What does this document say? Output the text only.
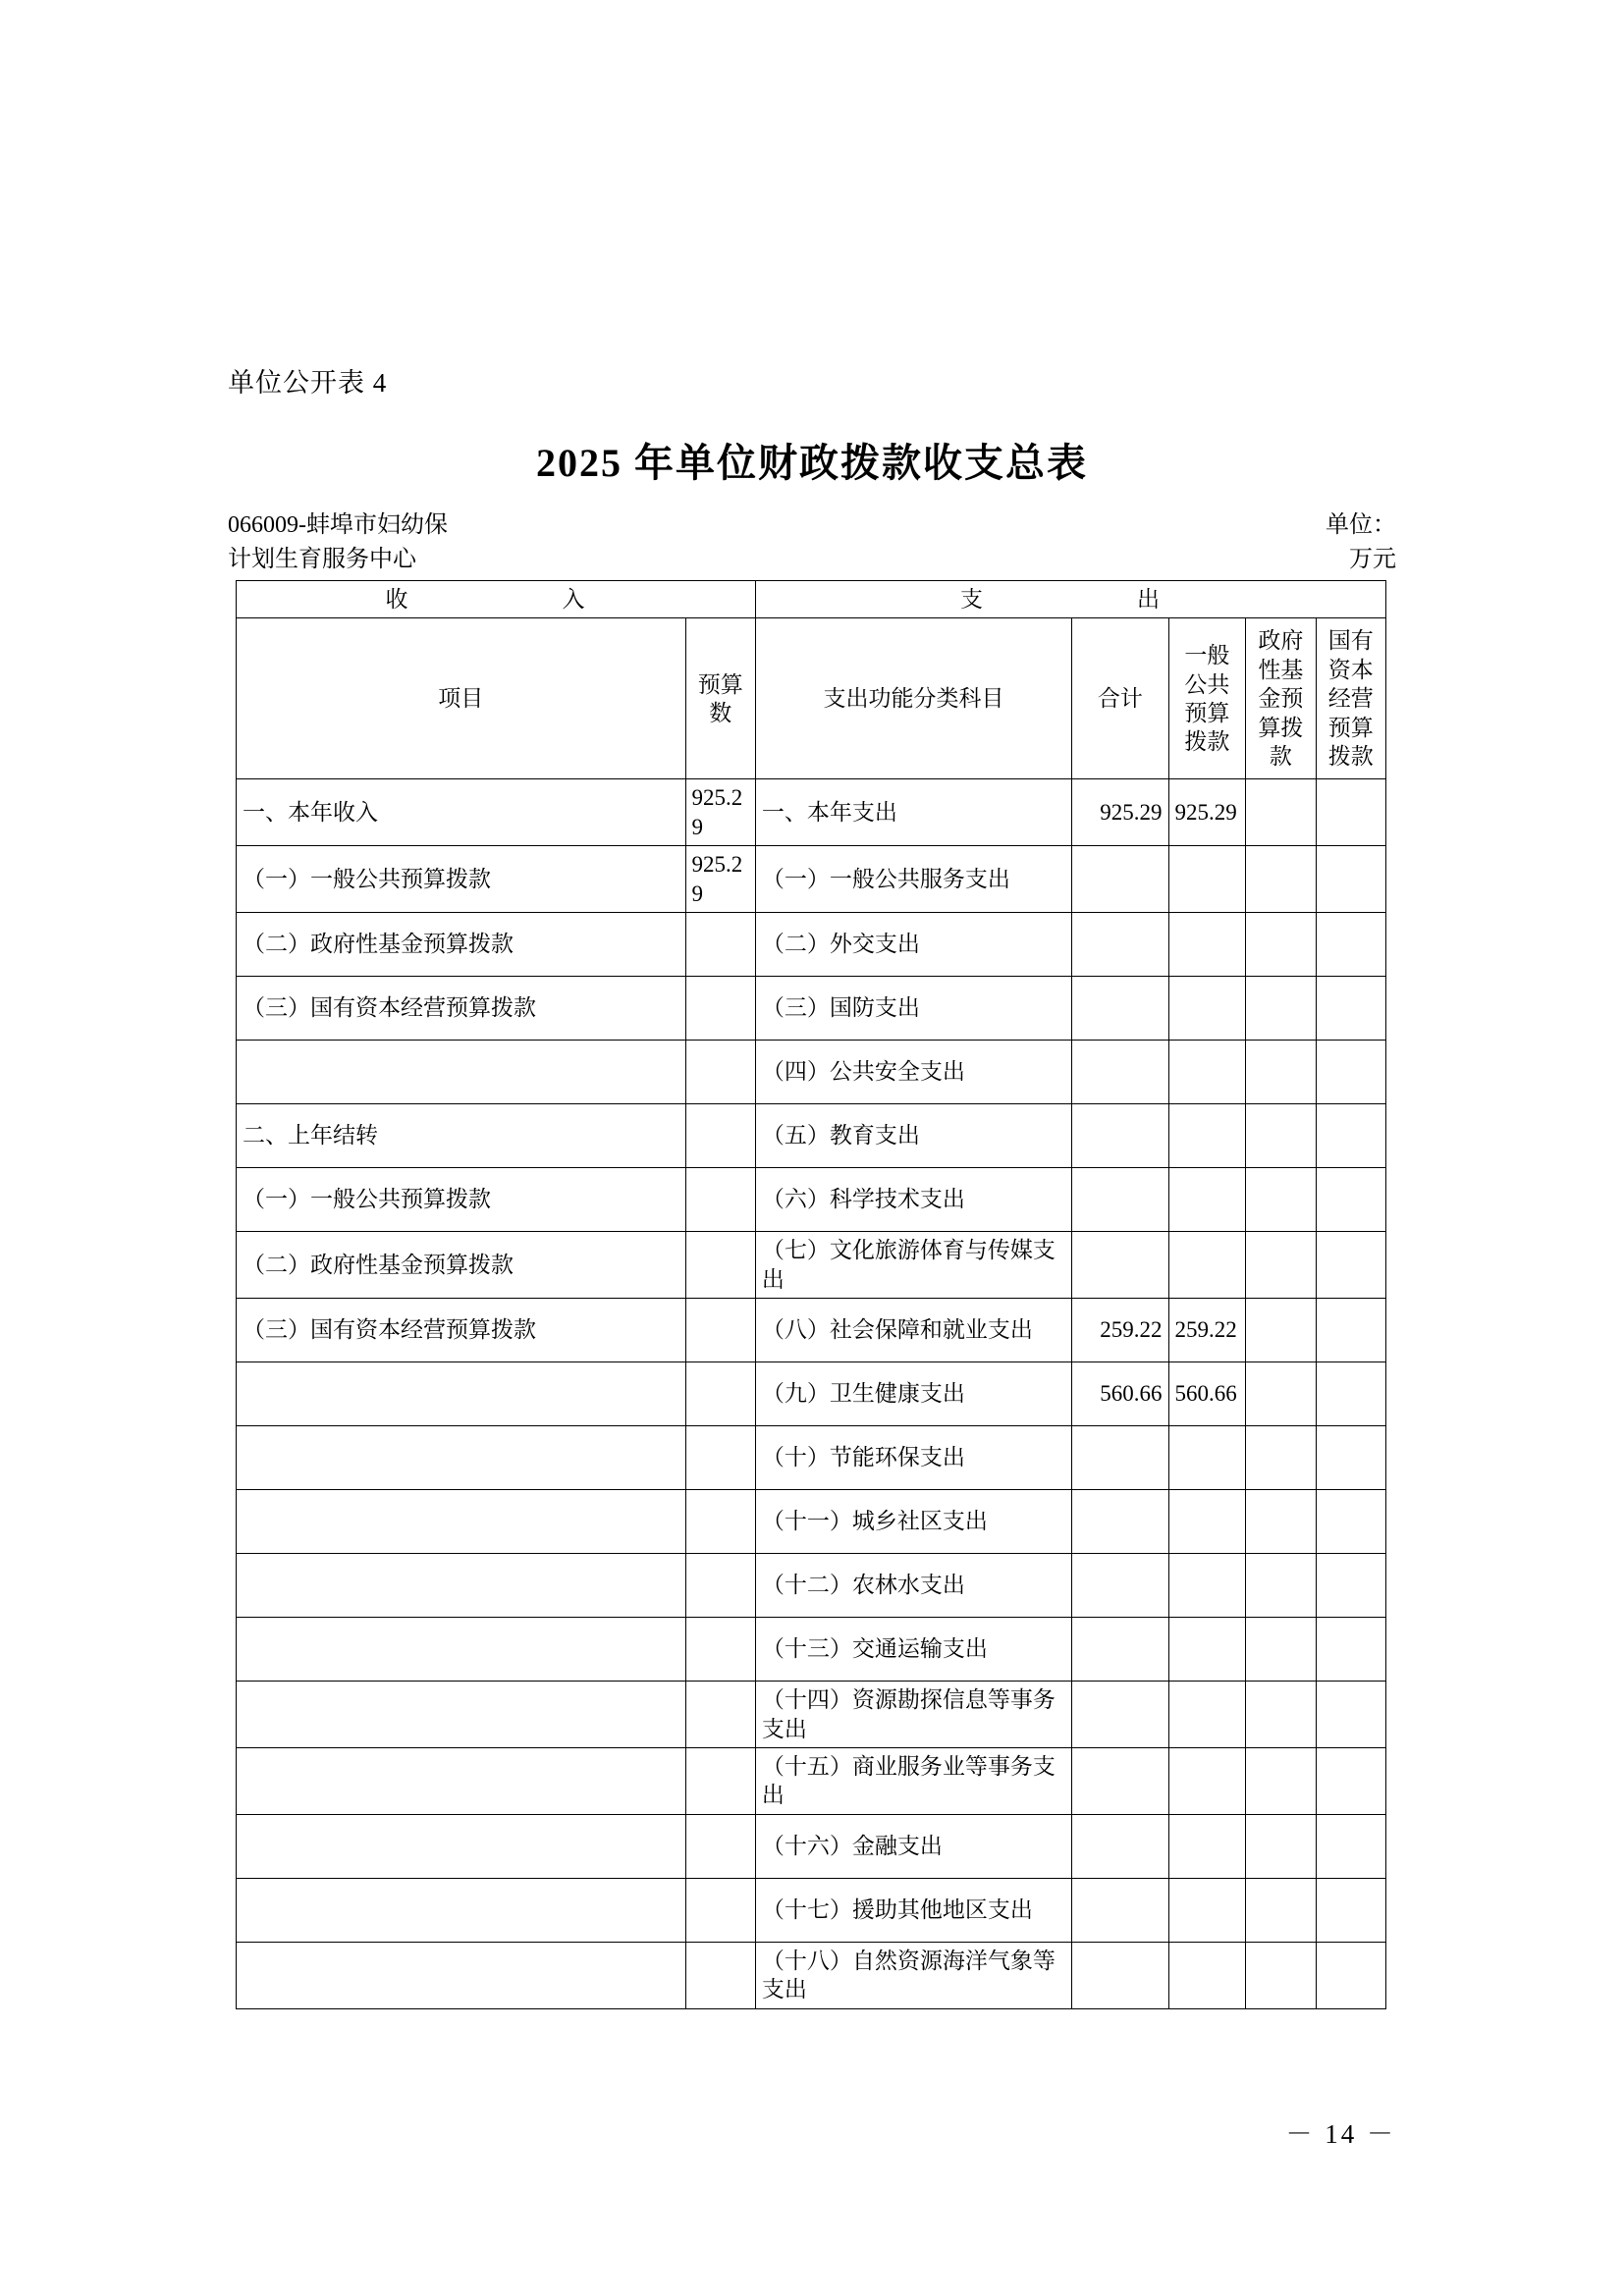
单位公开表 4
2025 年单位财政拨款收支总表
066009-蚌埠市妇幼保
计划生育服务中心
单位：
万元
收　　　入		支　　　出				
项目	预算数	支出功能分类科目	合计	一般公共预算拨款	政府性基金预算拨款	国有资本经营预算拨款
一、本年收入	925.29	一、本年支出	925.29	925.29		
（一）一般公共预算拨款	925.29	（一）一般公共服务支出				
（二）政府性基金预算拨款		（二）外交支出				
（三）国有资本经营预算拨款		（三）国防支出				
		（四）公共安全支出				
二、上年结转		（五）教育支出				
（一）一般公共预算拨款		（六）科学技术支出				
（二）政府性基金预算拨款		（七）文化旅游体育与传媒支出				
（三）国有资本经营预算拨款		（八）社会保障和就业支出	259.22	259.22		
		（九）卫生健康支出	560.66	560.66		
		（十）节能环保支出				
		（十一）城乡社区支出				
		（十二）农林水支出				
		（十三）交通运输支出				
		（十四）资源勘探信息等事务支出				
		（十五）商业服务业等事务支出				
		（十六）金融支出				
		（十七）援助其他地区支出				
		（十八）自然资源海洋气象等支出				
－ 14 －
